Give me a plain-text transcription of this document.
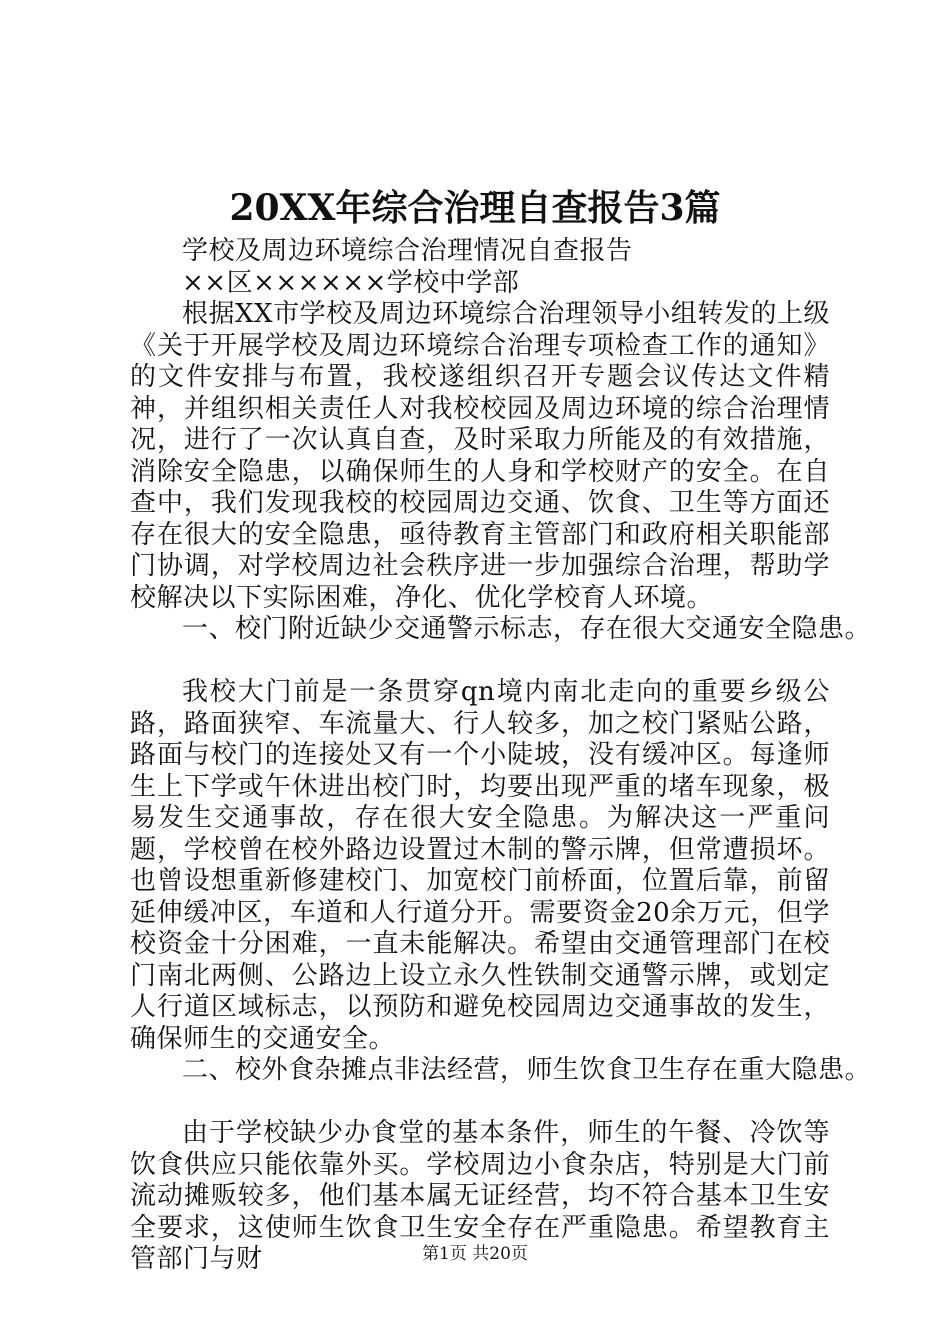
20XX年综合治理自查报告3篇

学校及周边环境综合治理情况自查报告

××区××××××学校中学部

根据XX市学校及周边环境综合治理领导小组转发的上级《关于开展学校及周边环境综合治理专项检查工作的通知》的文件安排与布置，我校遂组织召开专题会议传达文件精神，并组织相关责任人对我校校园及周边环境的综合治理情况，进行了一次认真自查，及时采取力所能及的有效措施，消除安全隐患，以确保师生的人身和学校财产的安全。在自查中，我们发现我校的校园周边交通、饮食、卫生等方面还存在很大的安全隐患，亟待教育主管部门和政府相关职能部门协调，对学校周边社会秩序进一步加强综合治理，帮助学校解决以下实际困难，净化、优化学校育人环境。

一、校门附近缺少交通警示标志，存在很大交通安全隐患。

我校大门前是一条贯穿qn境内南北走向的重要乡级公路，路面狭窄、车流量大、行人较多，加之校门紧贴公路，路面与校门的连接处又有一个小陡坡，没有缓冲区。每逢师生上下学或午休进出校门时，均要出现严重的堵车现象，极易发生交通事故，存在很大安全隐患。为解决这一严重问题，学校曾在校外路边设置过木制的警示牌，但常遭损坏。也曾设想重新修建校门、加宽校门前桥面，位置后靠，前留延伸缓冲区，车道和人行道分开。需要资金20余万元，但学校资金十分困难，一直未能解决。希望由交通管理部门在校门南北两侧、公路边上设立永久性铁制交通警示牌，或划定人行道区域标志，以预防和避免校园周边交通事故的发生，确保师生的交通安全。

二、校外食杂摊点非法经营，师生饮食卫生存在重大隐患。

由于学校缺少办食堂的基本条件，师生的午餐、冷饮等饮食供应只能依靠外买。学校周边小食杂店，特别是大门前流动摊贩较多，他们基本属无证经营，均不符合基本卫生安全要求，这使师生饮食卫生安全存在严重隐患。希望教育主管部门与财	第1页 共20页
